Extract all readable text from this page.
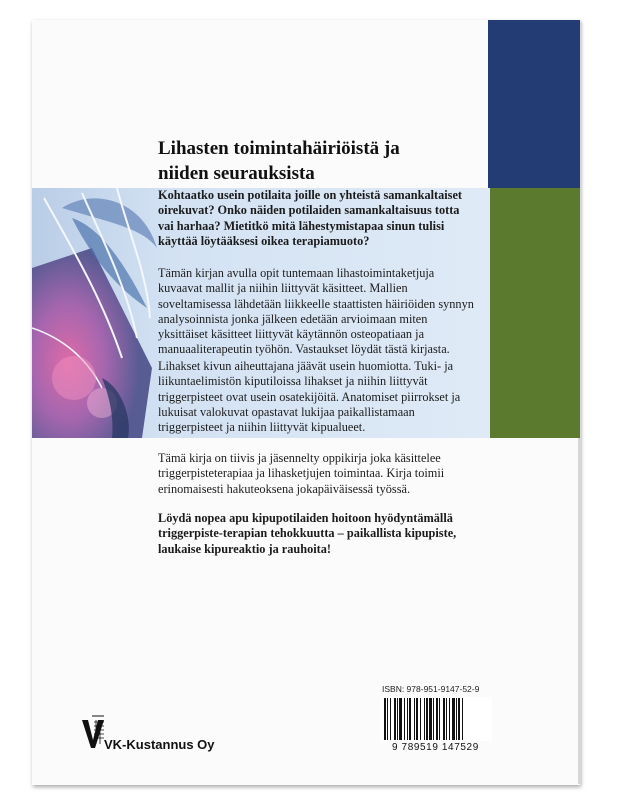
Lihasten toimintahäiriöistä ja
niiden seurauksista

Kohtaatko usein potilaita joille on yhteistä samankaltaiset oirekuvat? Onko näiden potilaiden samankaltaisuus totta vai harhaa? Mietitkö mitä lähestymistapaa sinun tulisi käyttää löytääksesi oikea terapiamuoto?

Tämän kirjan avulla opit tuntemaan lihastoimintaketjuja kuvaavat mallit ja niihin liittyvät käsitteet. Mallien soveltamisessa lähdetään liikkeelle staattisten häiriöiden synnyn analysoinnista jonka jälkeen edetään arvioimaan miten yksittäiset käsitteet liittyvät käytännön osteopatiaan ja manuaaliterapeutin työhön. Vastaukset löydät tästä kirjasta.

Lihakset kivun aiheuttajana jäävät usein huomiotta. Tuki- ja liikuntaelimistön kiputiloissa lihakset ja niihin liittyvät triggerpisteet ovat usein osatekijöitä. Anatomiset piirrokset ja lukuisat valokuvat opastavat lukijaa paikallistamaan triggerpisteet ja niihin liittyvät kipualueet.

Tämä kirja on tiivis ja jäsennelty oppikirja joka käsittelee triggerpisteterapiaa ja lihasketjujen toimintaa. Kirja toimii erinomaisesti hakuteoksena jokapäiväisessä työssä.

Löydä nopea apu kipupotilaiden hoitoon hyödyntämällä triggerpiste-terapian tehokkuutta – paikallista kipupiste, laukaise kipureaktio ja rauhoita!

ISBN: 978-951-9147-52-9
9 789519 147529
VK-Kustannus Oy
